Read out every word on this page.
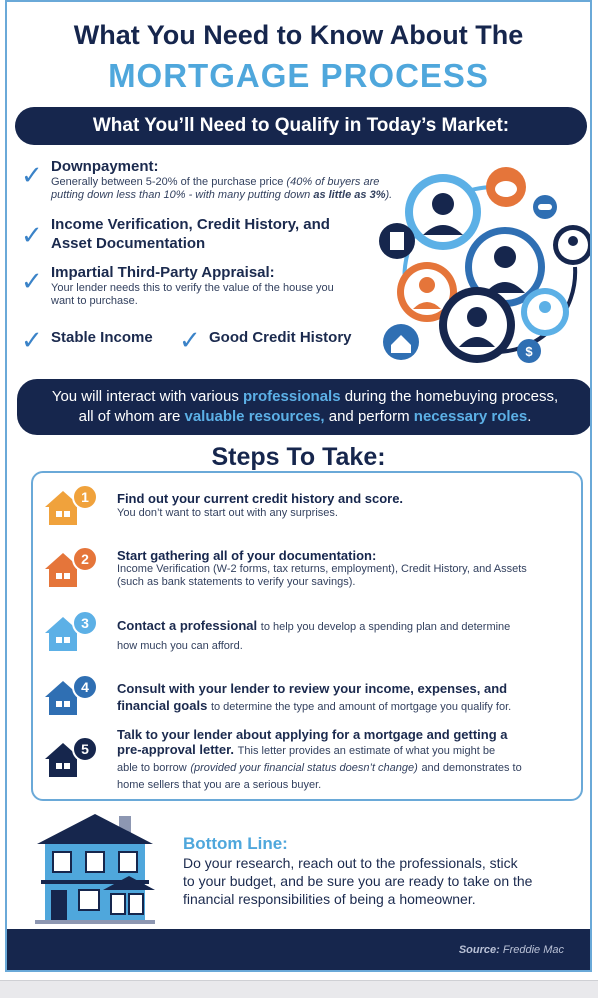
What You Need to Know About The
MORTGAGE PROCESS
What You’ll Need to Qualify in Today’s Market:
✓ Downpayment:
Generally between 5-20% of the purchase price (40% of buyers are
putting down less than 10% - with many putting down as little as 3%).
✓ Income Verification, Credit History, and
Asset Documentation
✓ Impartial Third-Party Appraisal:
Your lender needs this to verify the value of the house you
want to purchase.
✓ Stable Income ✓ Good Credit History
$
You will interact with various professionals during the homebuying process,
all of whom are valuable resources, and perform necessary roles.
Steps To Take:
1 Find out your current credit history and score.
You don’t want to start out with any surprises.
2 Start gathering all of your documentation:
Income Verification (W-2 forms, tax returns, employment), Credit History, and Assets
(such as bank statements to verify your savings).
3 Contact a professional to help you develop a spending plan and determine
how much you can afford.
4 Consult with your lender to review your income, expenses, and
financial goals to determine the type and amount of mortgage you qualify for.
5
Talk to your lender about applying for a mortgage and getting a
pre-approval letter. This letter provides an estimate of what you might be
able to borrow (provided your financial status doesn’t change) and demonstrates to
home sellers that you are a serious buyer.
Bottom Line:
Do your research, reach out to the professionals, stick
to your budget, and be sure you are ready to take on the
financial responsibilities of being a homeowner.
Source: Freddie Mac
